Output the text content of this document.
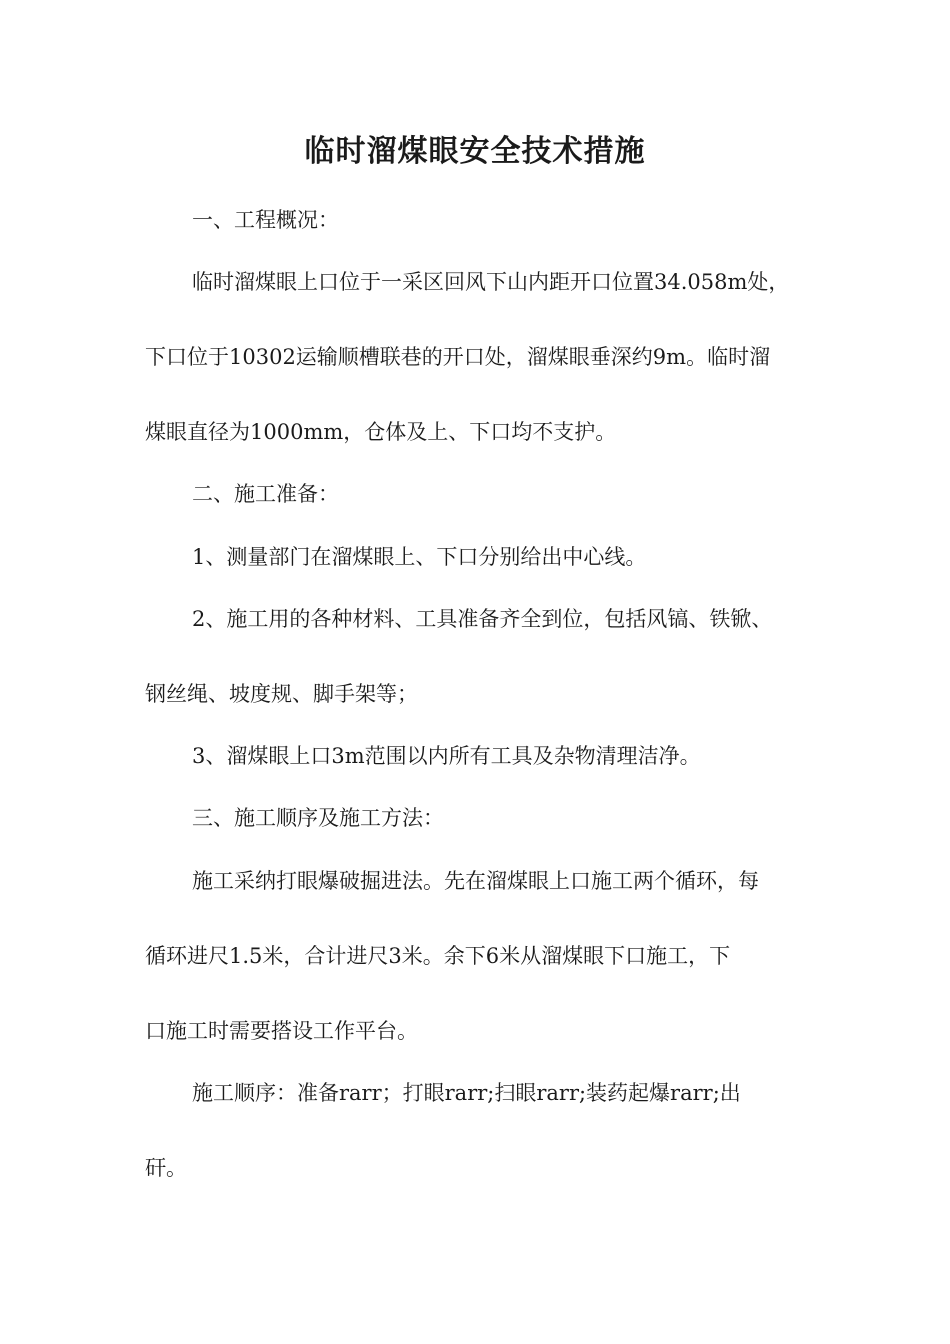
临时溜煤眼安全技术措施
一、工程概况：
临时溜煤眼上口位于一采区回风下山内距开口位置34.058m处，
下口位于10302运输顺槽联巷的开口处，溜煤眼垂深约9m。临时溜
煤眼直径为1000mm，仓体及上、下口均不支护。
二、施工准备：
1、测量部门在溜煤眼上、下口分别给出中心线。
2、施工用的各种材料、工具准备齐全到位，包括风镐、铁锨、
钢丝绳、坡度规、脚手架等；
3、溜煤眼上口3m范围以内所有工具及杂物清理洁净。
三、施工顺序及施工方法：
施工采纳打眼爆破掘进法。先在溜煤眼上口施工两个循环，每
循环进尺1.5米，合计进尺3米。余下6米从溜煤眼下口施工，下
口施工时需要搭设工作平台。
施工顺序：准备rarr；打眼rarr;扫眼rarr;装药起爆rarr;出
矸。
